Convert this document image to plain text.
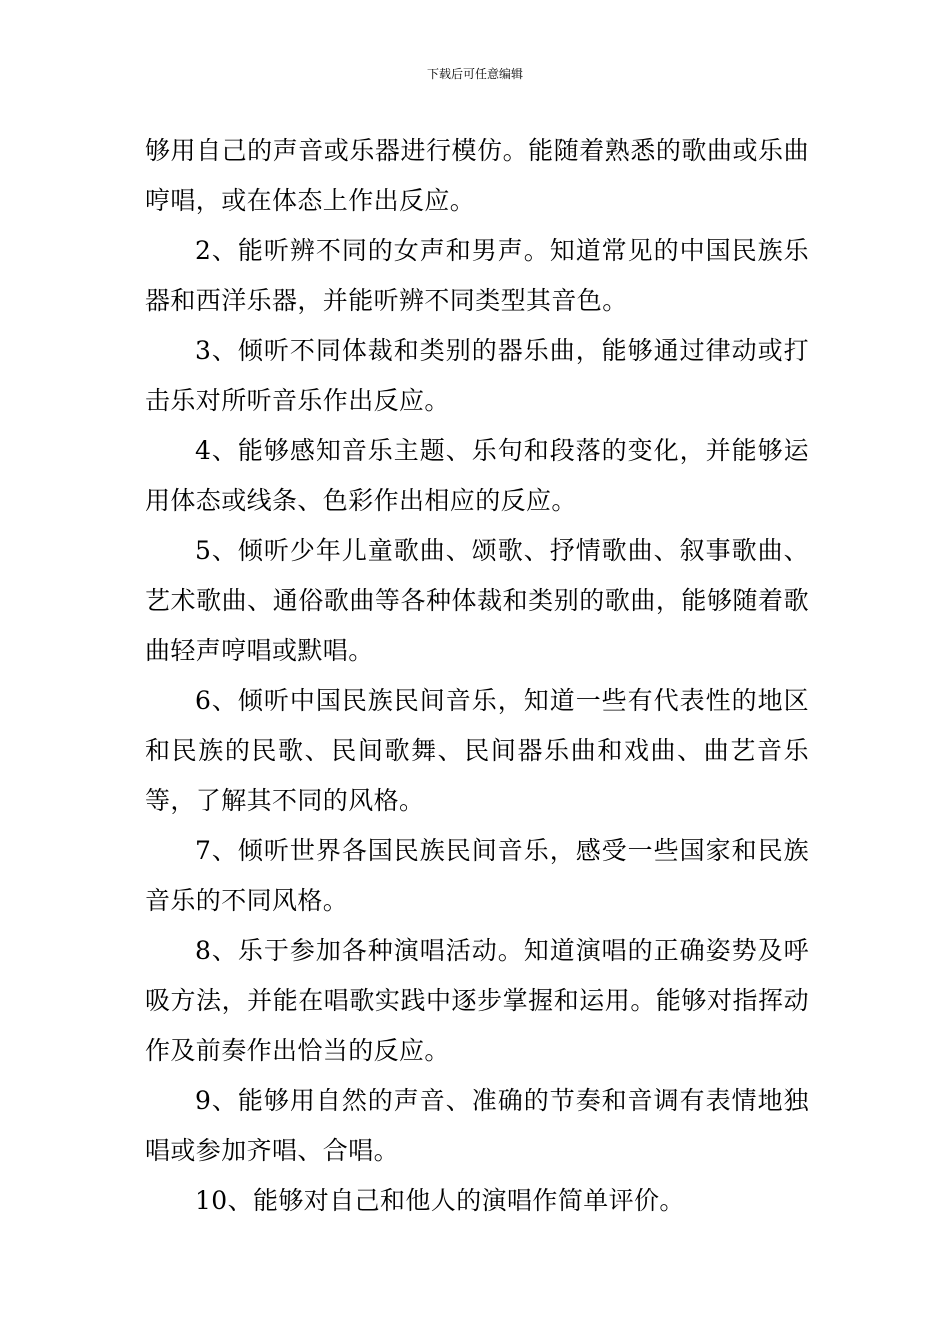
下载后可任意编辑

够用自己的声音或乐器进行模仿。能随着熟悉的歌曲或乐曲哼唱，或在体态上作出反应。

2、能听辨不同的女声和男声。知道常见的中国民族乐器和西洋乐器，并能听辨不同类型其音色。

3、倾听不同体裁和类别的器乐曲，能够通过律动或打击乐对所听音乐作出反应。

4、能够感知音乐主题、乐句和段落的变化，并能够运用体态或线条、色彩作出相应的反应。

5、倾听少年儿童歌曲、颂歌、抒情歌曲、叙事歌曲、艺术歌曲、通俗歌曲等各种体裁和类别的歌曲，能够随着歌曲轻声哼唱或默唱。

6、倾听中国民族民间音乐，知道一些有代表性的地区和民族的民歌、民间歌舞、民间器乐曲和戏曲、曲艺音乐等，了解其不同的风格。

7、倾听世界各国民族民间音乐，感受一些国家和民族音乐的不同风格。

8、乐于参加各种演唱活动。知道演唱的正确姿势及呼吸方法，并能在唱歌实践中逐步掌握和运用。能够对指挥动作及前奏作出恰当的反应。

9、能够用自然的声音、准确的节奏和音调有表情地独唱或参加齐唱、合唱。

10、能够对自己和他人的演唱作简单评价。
